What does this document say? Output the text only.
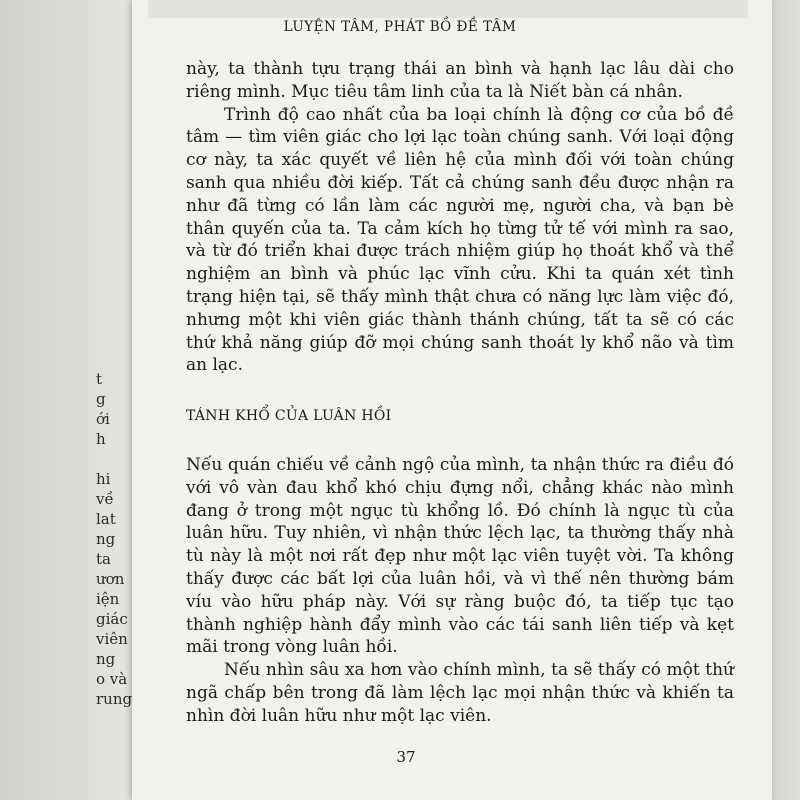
t
g
ới
h
hi
về
lat
ng
ta
ươn
iện
giác
viên
ng
o và
rung
LUYỆN TÂM, PHÁT BỒ ĐỀ TÂM

này, ta thành tựu trạng thái an bình và hạnh lạc lâu dài cho riêng mình. Mục tiêu tâm linh của ta là Niết bàn cá nhân.

Trình độ cao nhất của ba loại chính là động cơ của bồ đề tâm — tìm viên giác cho lợi lạc toàn chúng sanh. Với loại động cơ này, ta xác quyết về liên hệ của mình đối với toàn chúng sanh qua nhiều đời kiếp. Tất cả chúng sanh đều được nhận ra như đã từng có lần làm các người mẹ, người cha, và bạn bè thân quyến của ta. Ta cảm kích họ từng tử tế với mình ra sao, và từ đó triển khai được trách nhiệm giúp họ thoát khổ và thể nghiệm an bình và phúc lạc vĩnh cửu. Khi ta quán xét tình trạng hiện tại, sẽ thấy mình thật chưa có năng lực làm việc đó, nhưng một khi viên giác thành thánh chúng, tất ta sẽ có các thứ khả năng giúp đỡ mọi chúng sanh thoát ly khổ não và tìm an lạc.

TÁNH KHỔ CỦA LUÂN HỒI

Nếu quán chiếu về cảnh ngộ của mình, ta nhận thức ra điều đó với vô vàn đau khổ khó chịu đựng nổi, chẳng khác nào mình đang ở trong một ngục tù khổng lồ. Đó chính là ngục tù của luân hữu. Tuy nhiên, vì nhận thức lệch lạc, ta thường thấy nhà tù này là một nơi rất đẹp như một lạc viên tuyệt vời. Ta không thấy được các bất lợi của luân hồi, và vì thế nên thường bám víu vào hữu pháp này. Với sự ràng buộc đó, ta tiếp tục tạo thành nghiệp hành đẩy mình vào các tái sanh liên tiếp và kẹt mãi trong vòng luân hồi.

Nếu nhìn sâu xa hơn vào chính mình, ta sẽ thấy có một thứ ngã chấp bên trong đã làm lệch lạc mọi nhận thức và khiến ta nhìn đời luân hữu như một lạc viên.

37
